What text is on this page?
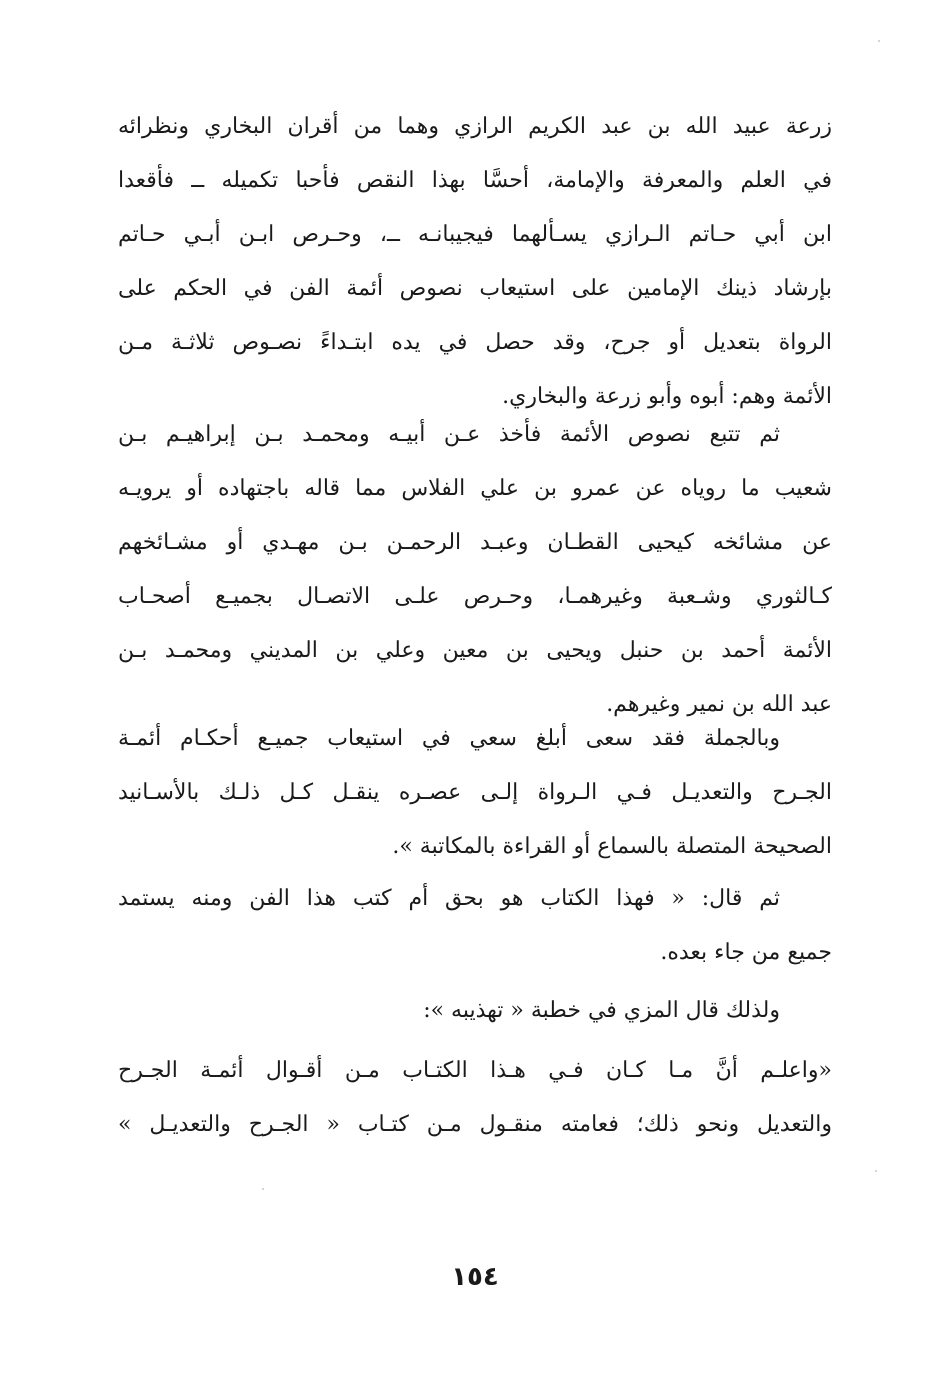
زرعة عبيد الله بن عبد الكريم الرازي وهما من أقران البخاري ونظرائه
في العلم والمعرفة والإمامة، أحسَّا بهذا النقص فأحبا تكميله ــ فأقعدا
ابن أبي حـاتم الـرازي يسـألهما فيجيبانـه ــ، وحـرص ابـن أبـي حـاتم
بإرشاد ذينك الإمامين على استيعاب نصوص أئمة الفن في الحكم على
الرواة بتعديل أو جرح، وقد حصل في يده ابتـداءً نصـوص ثلاثـة مـن
الأئمة وهم: أبوه وأبو زرعة والبخاري.
ثم تتبع نصوص الأئمة فأخذ عـن أبيـه ومحمـد بـن إبراهيـم بـن
شعيب ما روياه عن عمرو بن علي الفلاس مما قاله باجتهاده أو يرويـه
عن مشائخه كيحيى القطـان وعبـد الرحمـن بـن مهـدي أو مشـائخهم
كـالثوري وشـعبة وغيرهمـا، وحـرص علـى الاتصـال بجميـع أصحـاب
الأئمة أحمد بن حنبل ويحيى بن معين وعلي بن المديني ومحمـد بـن
عبد الله بن نمير وغيرهم.
وبالجملة فقد سعى أبلغ سعي في استيعاب جميـع أحكـام أئمـة
الجـرح والتعديـل فـي الـرواة إلـى عصـره ينقـل كـل ذلـك بالأسـانيد
الصحيحة المتصلة بالسماع أو القراءة بالمكاتبة ».
ثم قال: « فهذا الكتاب هو بحق أم كتب هذا الفن ومنه يستمد
جميع من جاء بعده.
ولذلك قال المزي في خطبة « تهذيبه »:
«واعلـم أنَّ مـا كـان فـي هـذا الكتـاب مـن أقـوال أئمـة الجـرح
والتعديل ونحو ذلك؛ فعامته منقـول مـن كتـاب « الجـرح والتعديـل »
١٥٤
